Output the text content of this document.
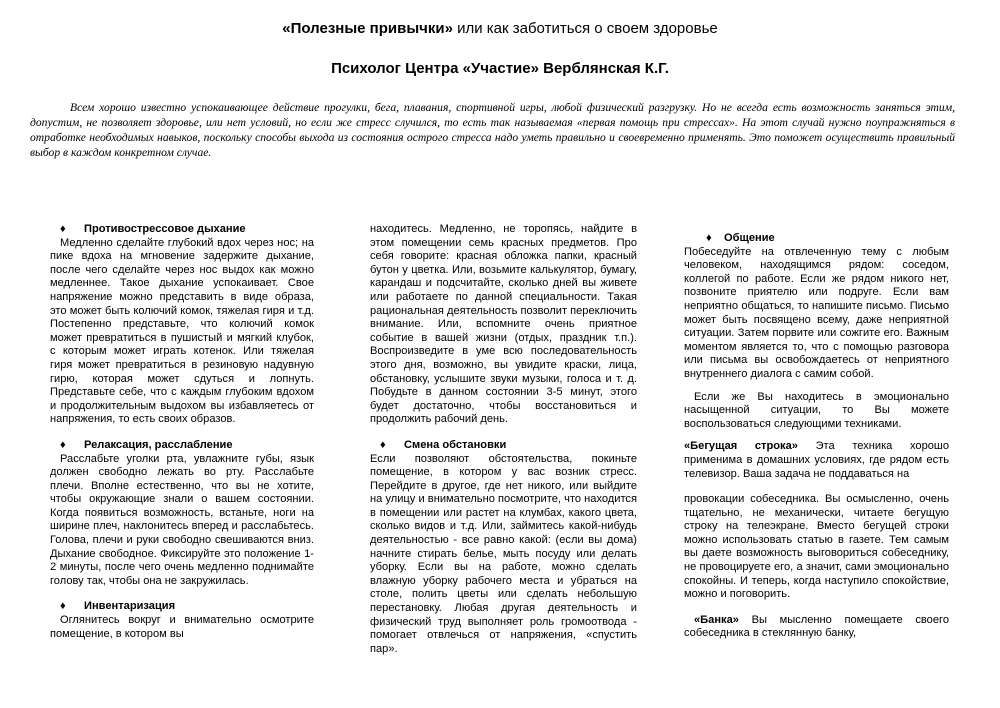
«Полезные привычки» или как заботиться о своем здоровье
Психолог Центра «Участие» Верблянская К.Г.
Всем хорошо известно успокаивающее действие прогулки, бега, плавания, спортивной игры, любой физический разгрузку. Но не всегда есть возможность заняться этим, допустим, не позволяет здоровье, или нет условий, но если же стресс случился, то есть так называемая «первая помощь при стрессах». На этот случай нужно поупражняться в отработке необходимых навыков, поскольку способы выхода из состояния острого стресса надо уметь правильно и своевременно применять. Это поможет осуществить правильный выбор в каждом конкретном случае.
♦ Противострессовое дыхание

Медленно сделайте глубокий вдох через нос; на пике вдоха на мгновение задержите дыхание, после чего сделайте через нос выдох как можно медленнее. Такое дыхание успокаивает. Свое напряжение можно представить в виде образа, это может быть колючий комок, тяжелая гиря и т.д. Постепенно представьте, что колючий комок может превратиться в пушистый и мягкий клубок, с которым может играть котенок. Или тяжелая гиря может превратиться в резиновую надувную гирю, которая может сдуться и лопнуть. Представьте себе, что с каждым глубоким вдохом и продолжительным выдохом вы избавляетесь от напряжения, то есть своих образов.

♦ Релаксация, расслабление

Расслабьте уголки рта, увлажните губы, язык должен свободно лежать во рту. Расслабьте плечи. Вполне естественно, что вы не хотите, чтобы окружающие знали о вашем состоянии. Когда появиться возможность, встаньте, ноги на ширине плеч, наклонитесь вперед и расслабьтесь. Голова, плечи и руки свободно свешиваются вниз. Дыхание свободное. Фиксируйте это положение 1-2 минуты, после чего очень медленно поднимайте голову так, чтобы она не закружилась.

♦ Инвентаризация

Оглянитесь вокруг и внимательно осмотрите помещение, в котором вы

находитесь. Медленно, не торопясь, найдите в этом помещении семь красных предметов. Про себя говорите: красная обложка папки, красный бутон у цветка. Или, возьмите калькулятор, бумагу, карандаш и подсчитайте, сколько дней вы живете или работаете по данной специальности. Такая рациональная деятельность позволит переключить внимание. Или, вспомните очень приятное событие в вашей жизни (отдых, праздник т.п.). Воспроизведите в уме всю последовательность этого дня, возможно, вы увидите краски, лица, обстановку, услышите звуки музыки, голоса и т. д. Побудьте в данном состоянии 3-5 минут, этого будет достаточно, чтобы восстановиться и продолжить рабочий день.

♦ Смена обстановки

Если позволяют обстоятельства, покиньте помещение, в котором у вас возник стресс. Перейдите в другое, где нет никого, или выйдите на улицу и внимательно посмотрите, что находится в помещении или растет на клумбах, какого цвета, сколько видов и т.д. Или, займитесь какой-нибудь деятельностью - все равно какой: (если вы дома) начните стирать белье, мыть посуду или делать уборку. Если вы на работе, можно сделать влажную уборку рабочего места и убраться на столе, полить цветы или сделать небольшую перестановку. Любая другая деятельность и физический труд выполняет роль громоотвода - помогает отвлечься от напряжения, «спустить пар».

♦ Общение

Побеседуйте на отвлеченную тему с любым человеком, находящимся рядом: соседом, коллегой по работе. Если же рядом никого нет, позвоните приятелю или подруге. Если вам неприятно общаться, то напишите письмо. Письмо может быть посвящено всему, даже неприятной ситуации. Затем порвите или сожгите его. Важным моментом является то, что с помощью разговора или письма вы освобождаетесь от неприятного внутреннего диалога с самим собой.

Если же Вы находитесь в эмоционально насыщенной ситуации, то Вы можете воспользоваться следующими техниками.

«Бегущая строка» Эта техника хорошо применима в домашних условиях, где рядом есть телевизор. Ваша задача не поддаваться на

провокации собеседника. Вы осмысленно, очень тщательно, не механически, читаете бегущую строку на телеэкране. Вместо бегущей строки можно использовать статью в газете. Тем самым вы даете возможность выговориться собеседнику, не провоцируете его, а значит, сами эмоционально спокойны. И теперь, когда наступило спокойствие, можно и поговорить.

«Банка» Вы мысленно помещаете своего собеседника в стеклянную банку,
